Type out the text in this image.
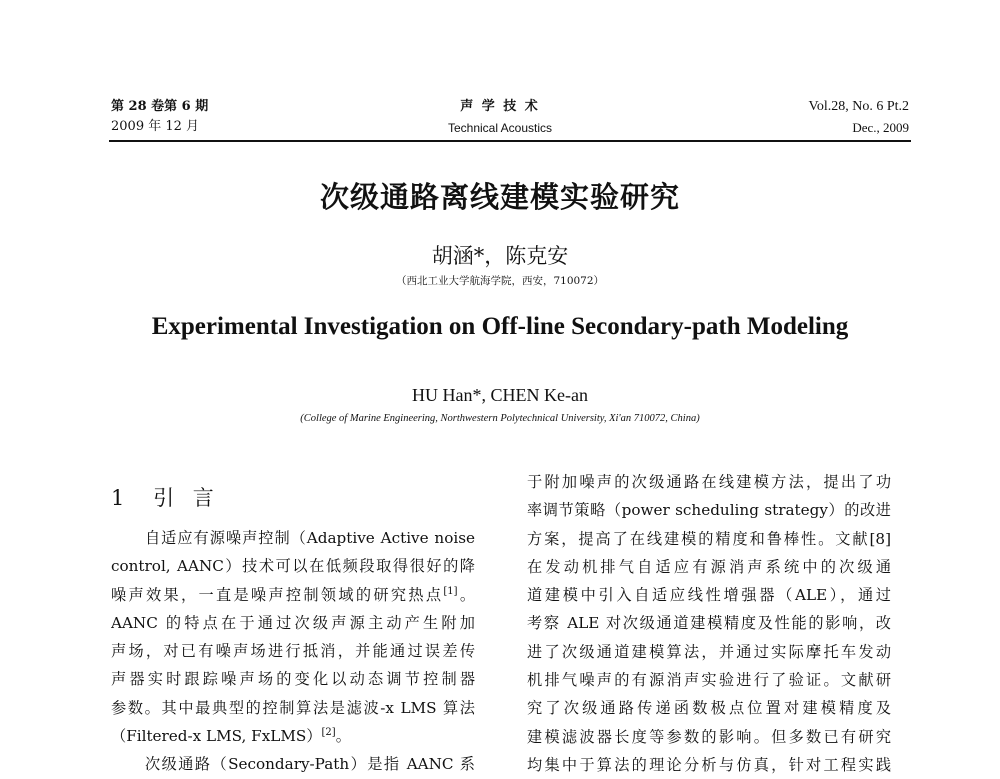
第 28 卷第 6 期
2009 年 12 月
声 学 技 术
Technical Acoustics
Vol.28, No. 6 Pt.2
Dec., 2009
次级通路离线建模实验研究
胡涵*，陈克安
（西北工业大学航海学院，西安，710072）
Experimental Investigation on Off-line Secondary-path Modeling
HU Han*, CHEN Ke-an
(College of Marine Engineering, Northwestern Polytechnical University, Xi'an 710072, China)
1 引 言
自适应有源噪声控制（Adaptive Active noise
control, AANC）技术可以在低频段取得很好的降
噪声效果，一直是噪声控制领域的研究热点[1]。
AANC 的特点在于通过次级声源主动产生附加
声场，对已有噪声场进行抵消，并能通过误差传
声器实时跟踪噪声场的变化以动态调节控制器
参数。其中最典型的控制算法是滤波-x LMS 算法
（Filtered-x LMS, FxLMS）[2]。
次级通路（Secondary-Path）是指 AANC 系
于附加噪声的次级通路在线建模方法，提出了功
率调节策略（power scheduling strategy）的改进
方案，提高了在线建模的精度和鲁棒性。文献[8]
在发动机排气自适应有源消声系统中的次级通
道建模中引入自适应线性增强器（ALE），通过
考察 ALE 对次级通道建模精度及性能的影响，改
进了次级通道建模算法，并通过实际摩托车发动
机排气噪声的有源消声实验进行了验证。文献研
究了次级通路传递函数极点位置对建模精度及
建模滤波器长度等参数的影响。但多数已有研究
均集中于算法的理论分析与仿真，针对工程实践
